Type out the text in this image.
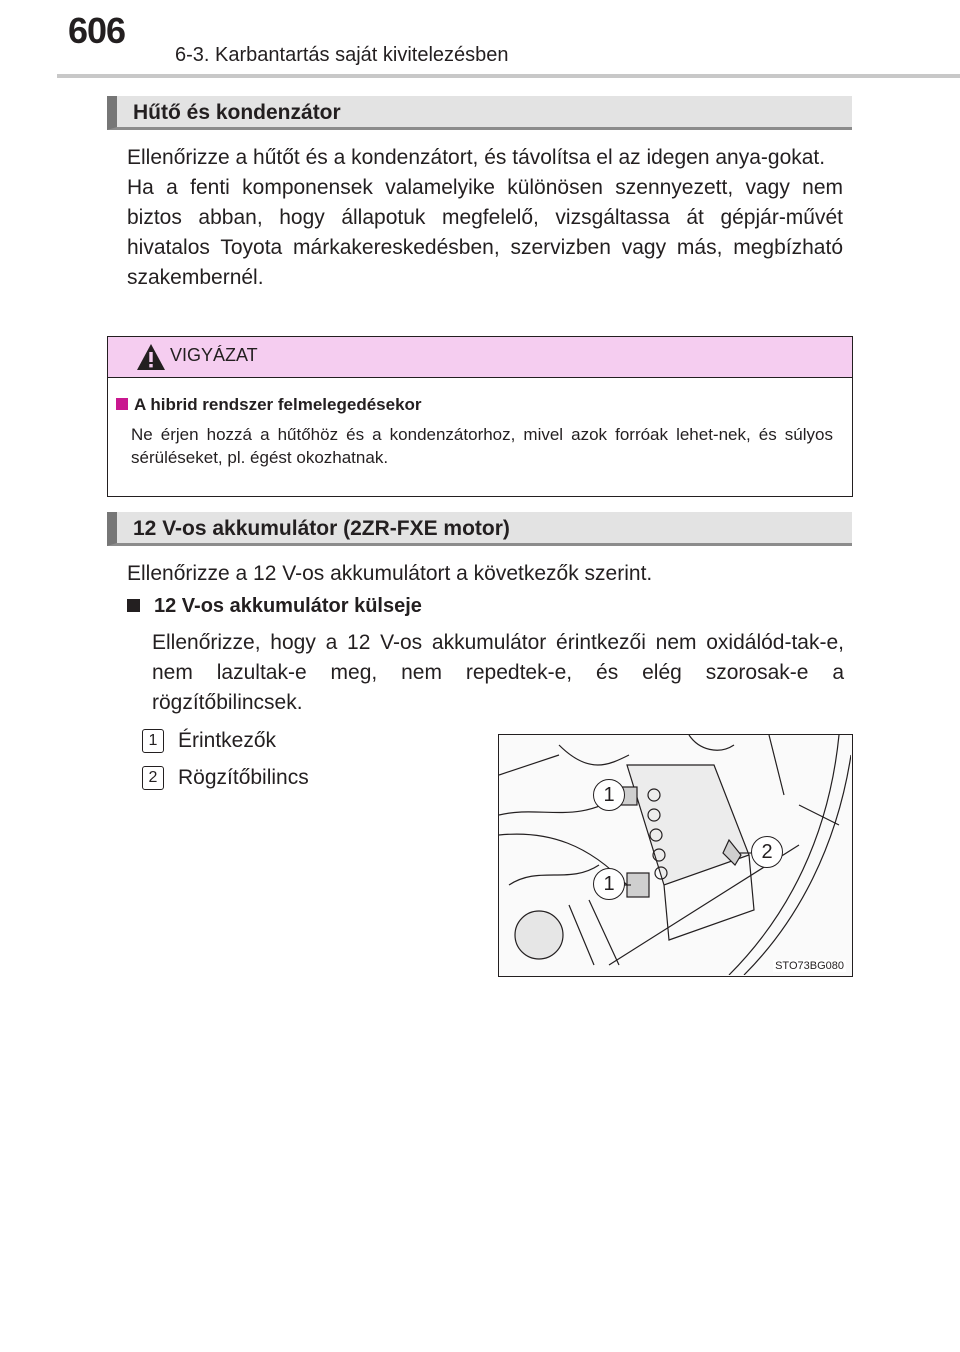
606
6-3. Karbantartás saját kivitelezésben
Hűtő és kondenzátor

Ellenőrizze a hűtőt és a kondenzátort, és távolítsa el az idegen anya-gokat.

Ha a fenti komponensek valamelyike különösen szennyezett, vagy nem biztos abban, hogy állapotuk megfelelő, vizsgáltassa át gépjár-művét hivatalos Toyota márkakereskedésben, szervizben vagy más, megbízható szakembernél.

VIGYÁZAT
A hibrid rendszer felmelegedésekor
Ne érjen hozzá a hűtőhöz és a kondenzátorhoz, mivel azok forróak lehet-nek, és súlyos sérüléseket, pl. égést okozhatnak.
12 V-os akkumulátor (2ZR-FXE motor)
Ellenőrizze a 12 V-os akkumulátort a következők szerint.
12 V-os akkumulátor külseje
Ellenőrizze, hogy a 12 V-os akkumulátor érintkezői nem oxidálód-tak-e, nem lazultak-e meg, nem repedtek-e, és elég szorosak-e a rögzítőbilincsek.
1 Érintkezők
2 Rögzítőbilincs
1
2
1
STO73BG080
